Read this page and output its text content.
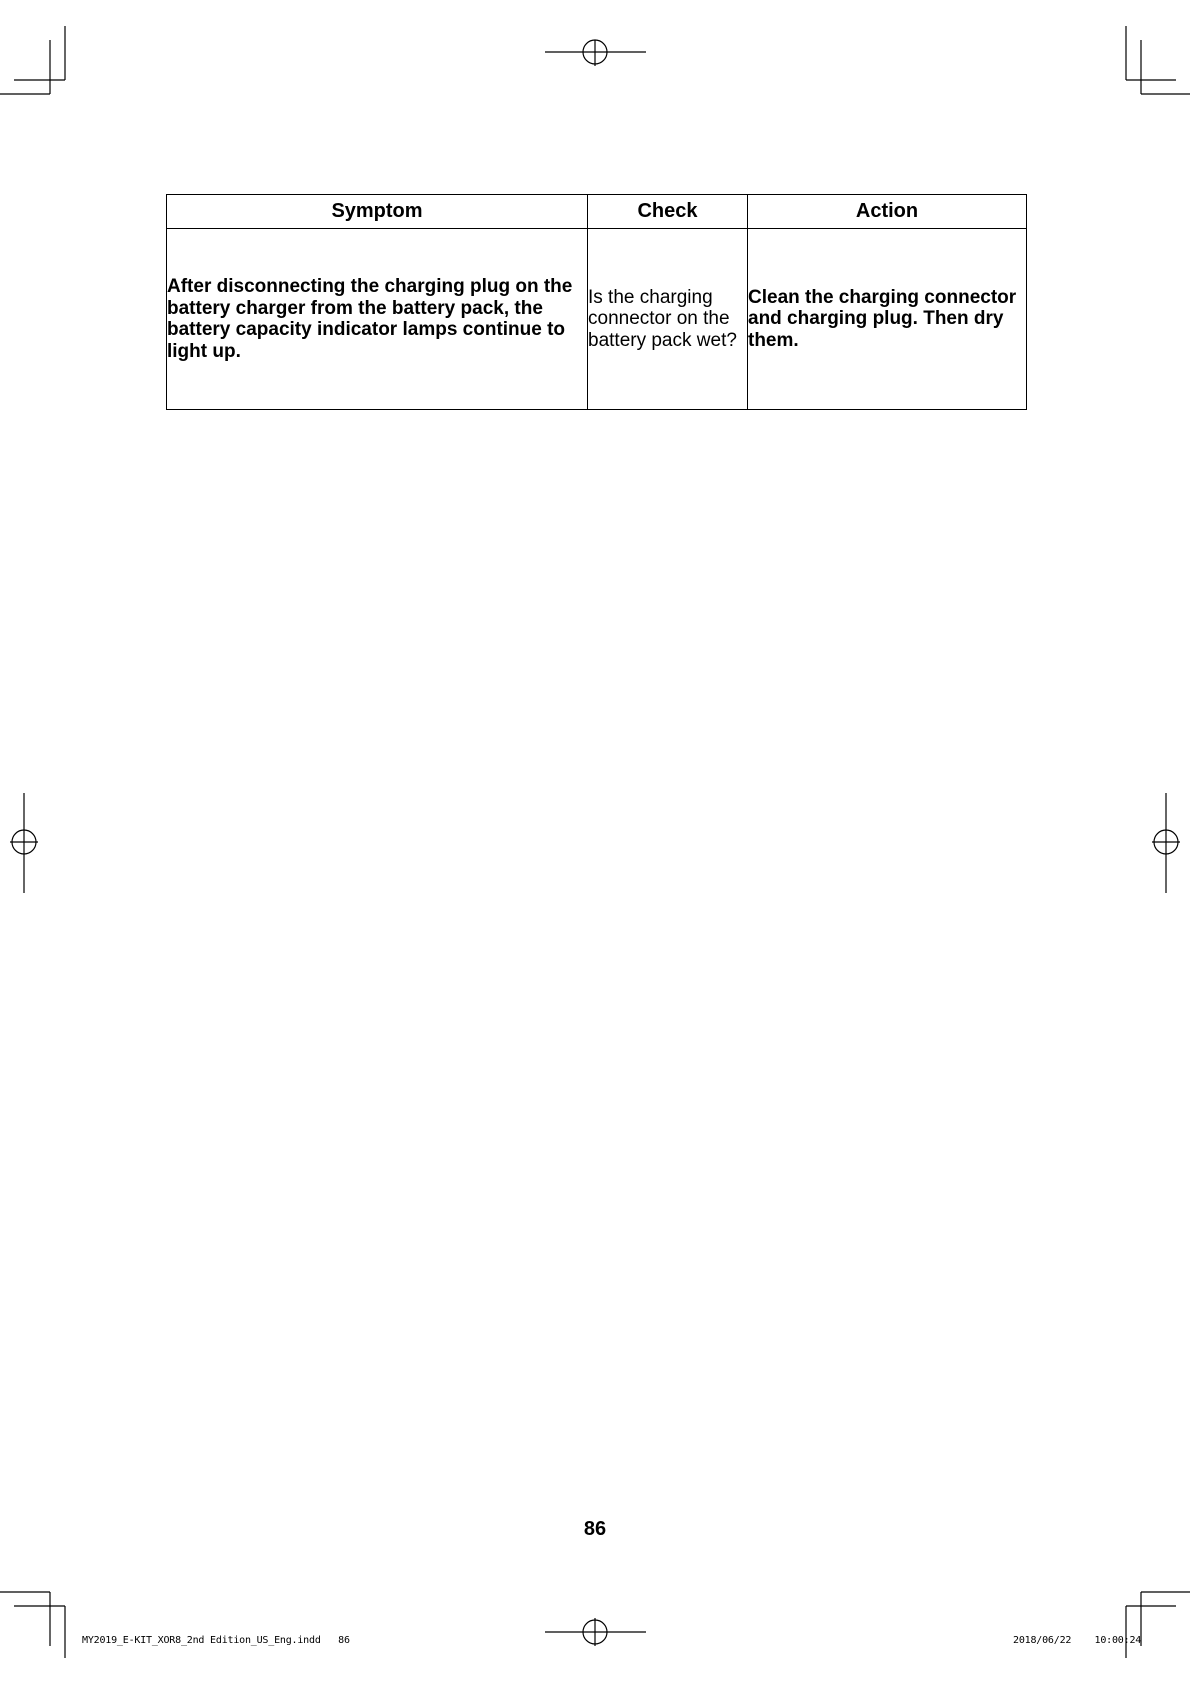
Symptom	Check	Action

After disconnecting the charging plug on the battery charger from the battery pack, the battery capacity indicator lamps continue to light up.	Is the charging connector on the battery pack wet?	Clean the charging connector and charging plug. Then dry them.
86
MY2019_E-KIT_XOR8_2nd Edition_US_Eng.indd 86	2018/06/22 10:00:24
